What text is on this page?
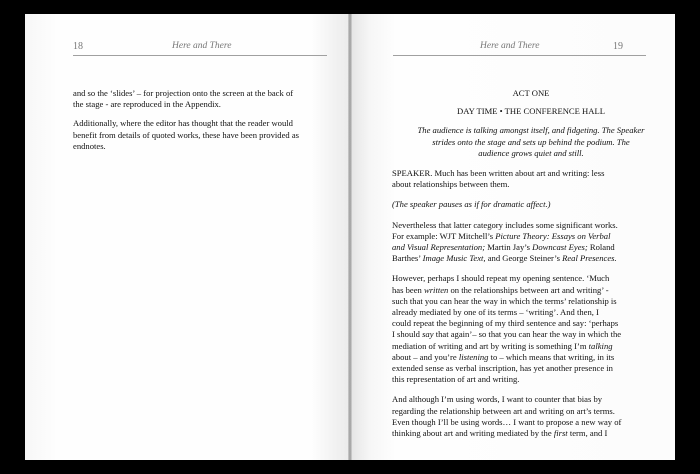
18	Here and There

and so the ‘slides’ – for projection onto the screen at the back of
the stage - are reproduced in the Appendix.

Additionally, where the editor has thought that the reader would
benefit from details of quoted works, these have been provided as
endnotes.

Here and There	19

ACT ONE

DAY TIME • THE CONFERENCE HALL

The audience is talking amongst itself, and fidgeting. The Speaker
strides onto the stage and sets up behind the podium. The
audience grows quiet and still.

SPEAKER. Much has been written about art and writing: less
about relationships between them.

(The speaker pauses as if for dramatic affect.)

Nevertheless that latter category includes some significant works.
For example: WJT Mitchell’s Picture Theory: Essays on Verbal
and Visual Representation; Martin Jay’s Downcast Eyes; Roland
Barthes’ Image Music Text, and George Steiner’s Real Presences.

However, perhaps I should repeat my opening sentence. ‘Much
has been written on the relationships between art and writing’ -
such that you can hear the way in which the terms’ relationship is
already mediated by one of its terms – ‘writing’. And then, I
could repeat the beginning of my third sentence and say: ‘perhaps
I should say that again’– so that you can hear the way in which the
mediation of writing and art by writing is something I’m talking
about – and you’re listening to – which means that writing, in its
extended sense as verbal inscription, has yet another presence in
this representation of art and writing.

And although I’m using words, I want to counter that bias by
regarding the relationship between art and writing on art’s terms.
Even though I’ll be using words… I want to propose a new way of
thinking about art and writing mediated by the first term, and I
